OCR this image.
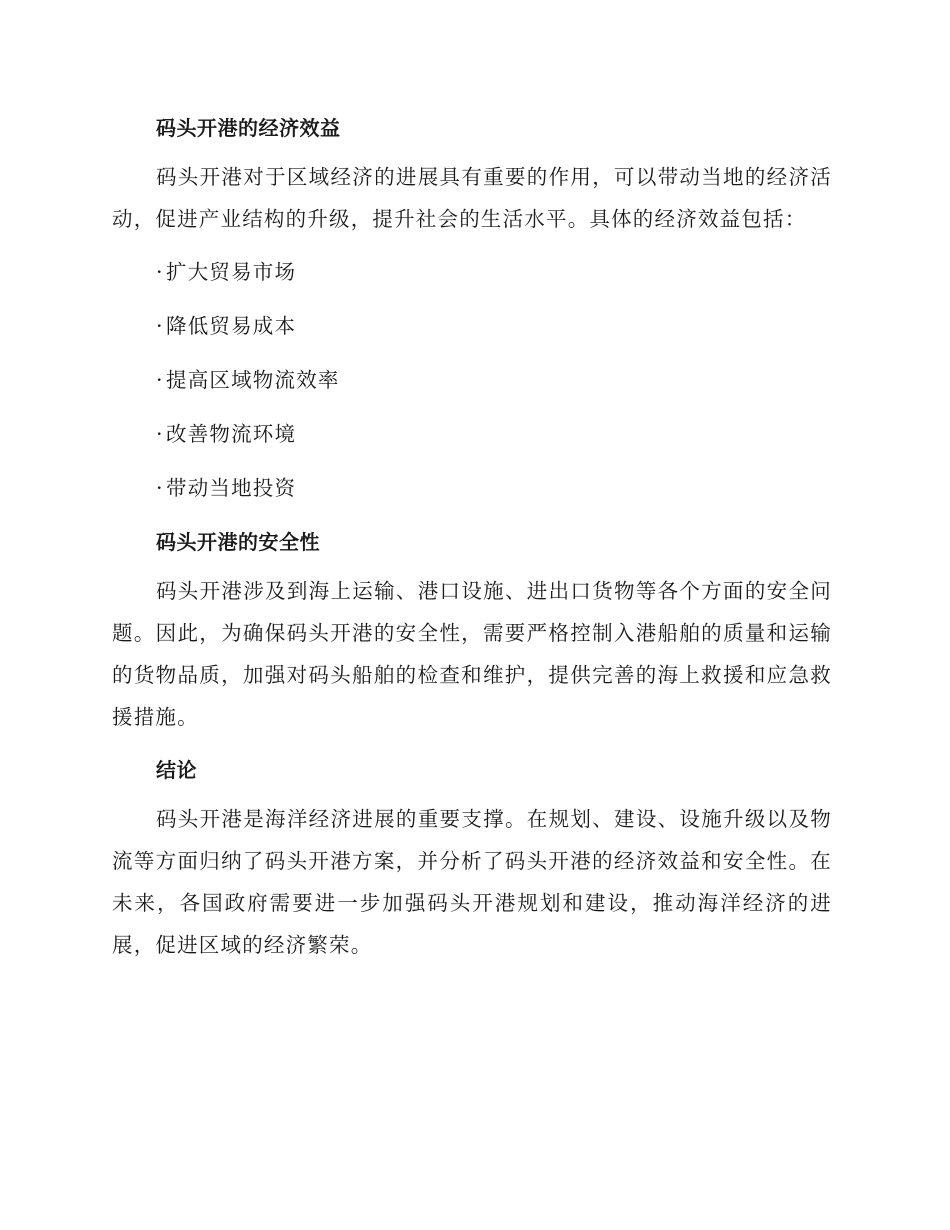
码头开港的经济效益

码头开港对于区域经济的进展具有重要的作用，可以带动当地的经济活动，促进产业结构的升级，提升社会的生活水平。具体的经济效益包括：

· 扩大贸易市场
· 降低贸易成本
· 提高区域物流效率
· 改善物流环境
· 带动当地投资
码头开港的安全性

码头开港涉及到海上运输、港口设施、进出口货物等各个方面的安全问题。因此，为确保码头开港的安全性，需要严格控制入港船舶的质量和运输的货物品质，加强对码头船舶的检查和维护，提供完善的海上救援和应急救援措施。

结论

码头开港是海洋经济进展的重要支撑。在规划、建设、设施升级以及物流等方面归纳了码头开港方案，并分析了码头开港的经济效益和安全性。在未来，各国政府需要进一步加强码头开港规划和建设，推动海洋经济的进展，促进区域的经济繁荣。
